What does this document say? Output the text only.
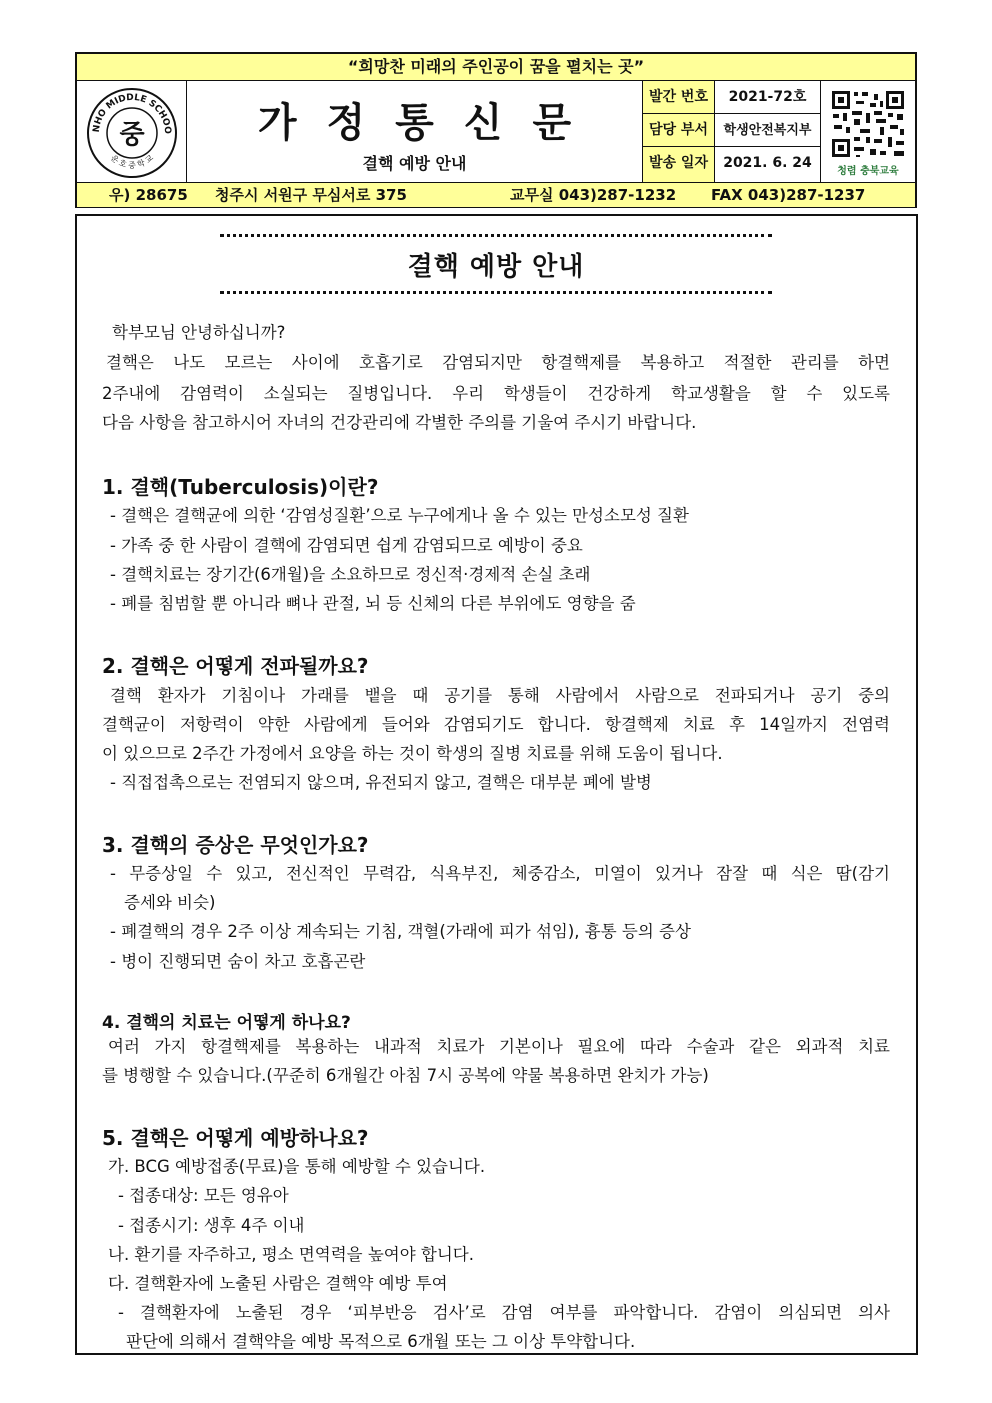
“희망찬 미래의 주인공이 꿈을 펼치는 곳”
NHO MIDDLE SCHOO
운 호 중 학 교
중	가정통신문
결핵 예방 안내
발간 번호	2021-72호
담당 부서	학생안전복지부
발송 일자	2021. 6. 24
청렴 충북교육
우) 28675 청주시 서원구 무심서로 375	교무실 043)287-1232 FAX 043)287-1237
결핵 예방 안내
학부모님 안녕하십니까?
결핵은 나도 모르는 사이에 호흡기로 감염되지만 항결핵제를 복용하고 적절한 관리를 하면
2주내에 감염력이 소실되는 질병입니다. 우리 학생들이 건강하게 학교생활을 할 수 있도록
다음 사항을 참고하시어 자녀의 건강관리에 각별한 주의를 기울여 주시기 바랍니다.
1. 결핵(Tuberculosis)이란?
- 결핵은 결핵균에 의한 ‘감염성질환’으로 누구에게나 올 수 있는 만성소모성 질환
- 가족 중 한 사람이 결핵에 감염되면 쉽게 감염되므로 예방이 중요
- 결핵치료는 장기간(6개월)을 소요하므로 정신적·경제적 손실 초래
- 폐를 침범할 뿐 아니라 뼈나 관절, 뇌 등 신체의 다른 부위에도 영향을 줌
2. 결핵은 어떻게 전파될까요?
결핵 환자가 기침이나 가래를 뱉을 때 공기를 통해 사람에서 사람으로 전파되거나 공기 중의
결핵균이 저항력이 약한 사람에게 들어와 감염되기도 합니다. 항결핵제 치료 후 14일까지 전염력
이 있으므로 2주간 가정에서 요양을 하는 것이 학생의 질병 치료를 위해 도움이 됩니다.
- 직접접촉으로는 전염되지 않으며, 유전되지 않고, 결핵은 대부분 폐에 발병
3. 결핵의 증상은 무엇인가요?
- 무증상일 수 있고, 전신적인 무력감, 식욕부진, 체중감소, 미열이 있거나 잠잘 때 식은 땀(감기
증세와 비슷)
- 폐결핵의 경우 2주 이상 계속되는 기침, 객혈(가래에 피가 섞임), 흉통 등의 증상
- 병이 진행되면 숨이 차고 호흡곤란
4. 결핵의 치료는 어떻게 하나요?
여러 가지 항결핵제를 복용하는 내과적 치료가 기본이나 필요에 따라 수술과 같은 외과적 치료
를 병행할 수 있습니다.(꾸준히 6개월간 아침 7시 공복에 약물 복용하면 완치가 가능)
5. 결핵은 어떻게 예방하나요?
가. BCG 예방접종(무료)을 통해 예방할 수 있습니다.
- 접종대상: 모든 영유아
- 접종시기: 생후 4주 이내
나. 환기를 자주하고, 평소 면역력을 높여야 합니다.
다. 결핵환자에 노출된 사람은 결핵약 예방 투여
- 결핵환자에 노출된 경우 ‘피부반응 검사’로 감염 여부를 파악합니다. 감염이 의심되면 의사
판단에 의해서 결핵약을 예방 목적으로 6개월 또는 그 이상 투약합니다.
